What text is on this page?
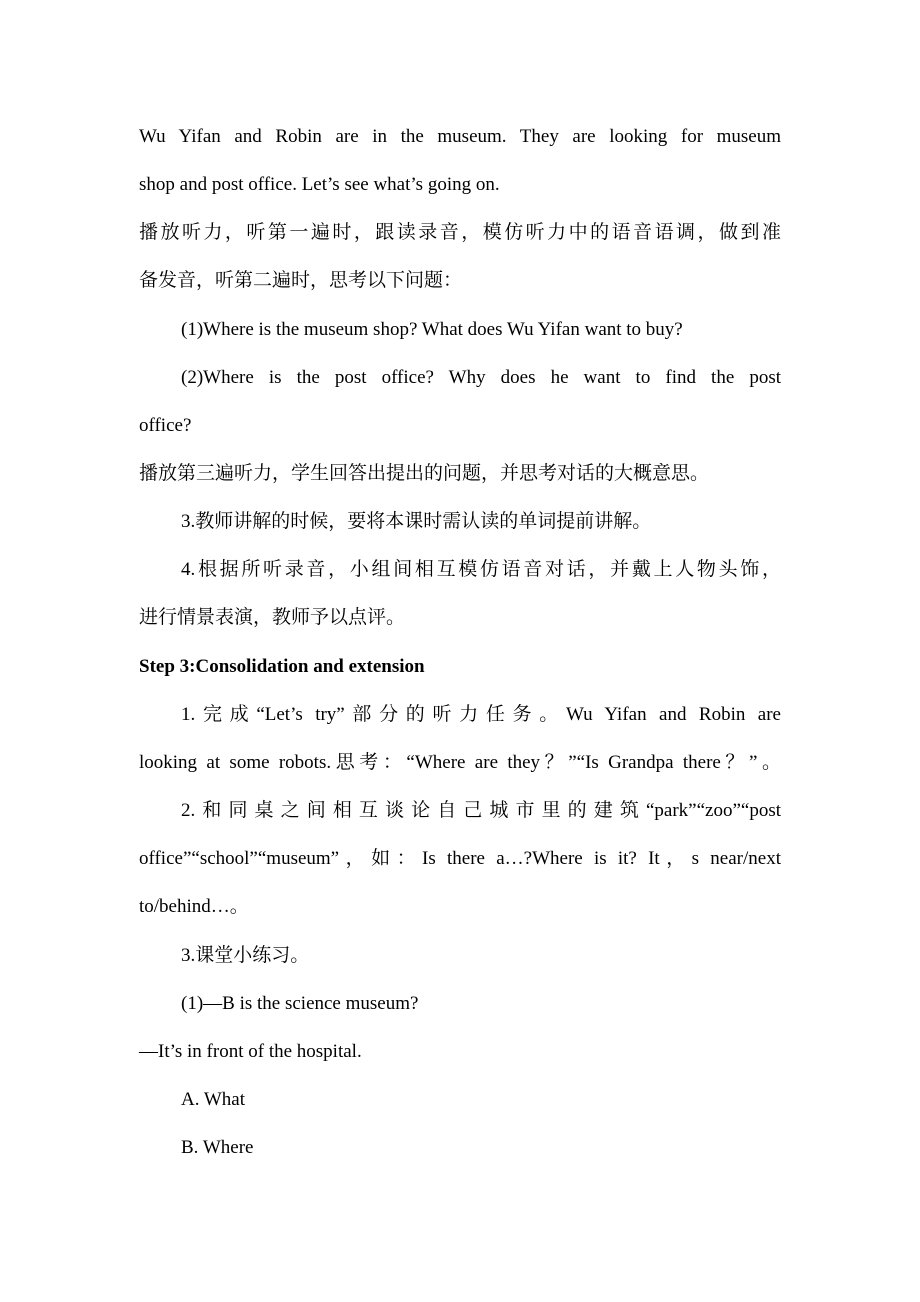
Wu Yifan and Robin are in the museum. They are looking for museum
shop and post office. Let’s see what’s going on.
播放听力，听第一遍时，跟读录音，模仿听力中的语音语调，做到准
备发音，听第二遍时，思考以下问题：
(1)Where is the museum shop? What does Wu Yifan want to buy?
(2)Where is the post office? Why does he want to find the post
office?
播放第三遍听力，学生回答出提出的问题，并思考对话的大概意思。
3.教师讲解的时候，要将本课时需认读的单词提前讲解。
4.根据所听录音，小组间相互模仿语音对话，并戴上人物头饰，
进行情景表演，教师予以点评。
Step 3:Consolidation and extension
1.完成“Let’s try”部分的听力任务。Wu Yifan and Robin are
looking at some robots.思考：“Where are they？”“Is Grandpa there？”。
2.和同桌之间相互谈论自己城市里的建筑“park”“zoo”“post
office”“school”“museum”，如：Is there a…?Where is it? It，s near/next
to/behind…。
3.课堂小练习。
(1)—B is the science museum?
—It’s in front of the hospital.
A. What
B. Where
